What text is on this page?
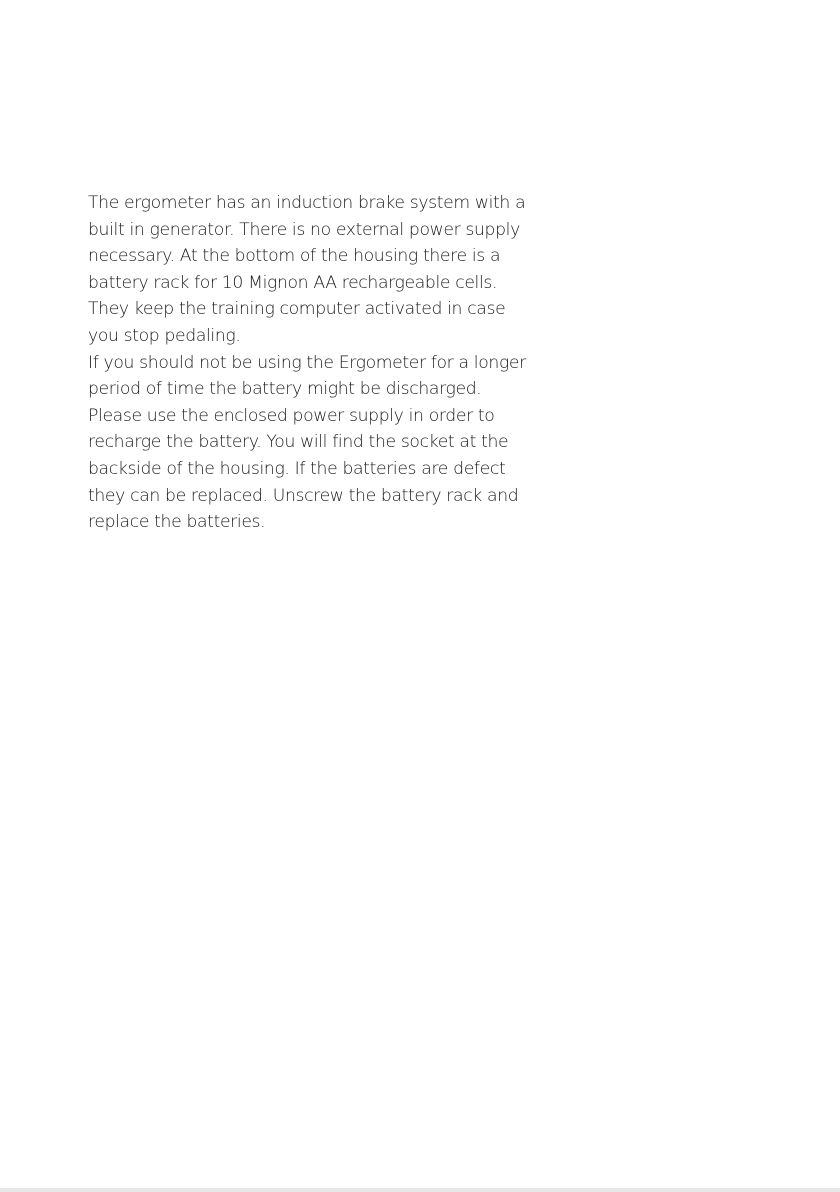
The ergometer has an induction brake system with a
built in generator. There is no external power supply
necessary. At the bottom of the housing there is a
battery rack for 10 Mignon AA rechargeable cells.
They keep the training computer activated in case
you stop pedaling.
If you should not be using the Ergometer for a longer
period of time the battery might be discharged.
Please use the enclosed power supply in order to
recharge the battery. You will find the socket at the
backside of the housing. If the batteries are defect
they can be replaced. Unscrew the battery rack and
replace the batteries.
